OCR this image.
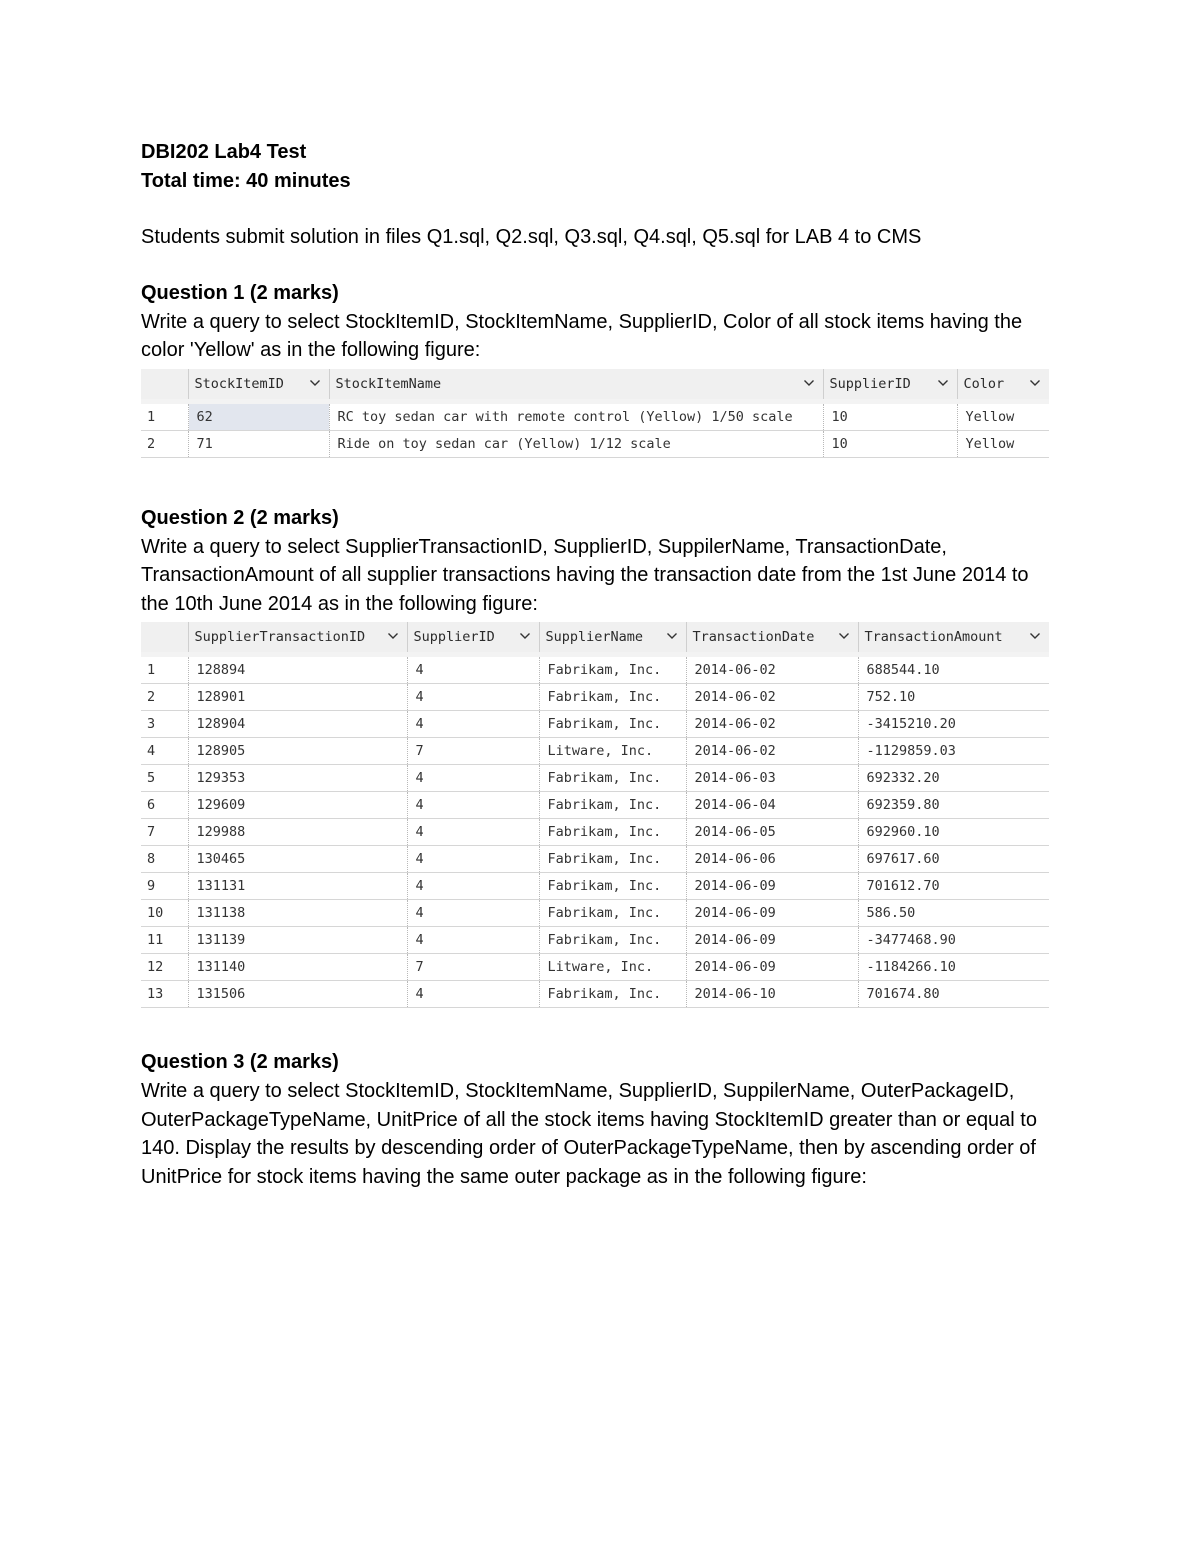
DBI202 Lab4 Test

Total time: 40 minutes

Students submit solution in files Q1.sql, Q2.sql, Q3.sql, Q4.sql, Q5.sql for LAB 4 to CMS

Question 1 (2 marks)

Write a query to select StockItemID, StockItemName, SupplierID, Color of all stock items having the color 'Yellow' as in the following figure:

	StockItemID	StockItemName	SupplierID	Color

1	62	RC toy sedan car with remote control (Yellow) 1/50 scale	10	Yellow
2	71	Ride on toy sedan car (Yellow) 1/12 scale	10	Yellow

Question 2 (2 marks)

Write a query to select SupplierTransactionID, SupplierID, SuppilerName, TransactionDate, TransactionAmount of all supplier transactions having the transaction date from the 1st June 2014 to the 10th June 2014 as in the following figure:

	SupplierTransactionID	SupplierID	SupplierName	TransactionDate	TransactionAmount

1	128894	4	Fabrikam, Inc.	2014-06-02	688544.10
2	128901	4	Fabrikam, Inc.	2014-06-02	752.10
3	128904	4	Fabrikam, Inc.	2014-06-02	-3415210.20
4	128905	7	Litware, Inc.	2014-06-02	-1129859.03
5	129353	4	Fabrikam, Inc.	2014-06-03	692332.20
6	129609	4	Fabrikam, Inc.	2014-06-04	692359.80
7	129988	4	Fabrikam, Inc.	2014-06-05	692960.10
8	130465	4	Fabrikam, Inc.	2014-06-06	697617.60
9	131131	4	Fabrikam, Inc.	2014-06-09	701612.70
10	131138	4	Fabrikam, Inc.	2014-06-09	586.50
11	131139	4	Fabrikam, Inc.	2014-06-09	-3477468.90
12	131140	7	Litware, Inc.	2014-06-09	-1184266.10
13	131506	4	Fabrikam, Inc.	2014-06-10	701674.80

Question 3 (2 marks)

Write a query to select StockItemID, StockItemName, SupplierID, SuppilerName, OuterPackageID, OuterPackageTypeName, UnitPrice of all the stock items having StockItemID greater than or equal to 140. Display the results by descending order of OuterPackageTypeName, then by ascending order of UnitPrice for stock items having the same outer package as in the following figure:
